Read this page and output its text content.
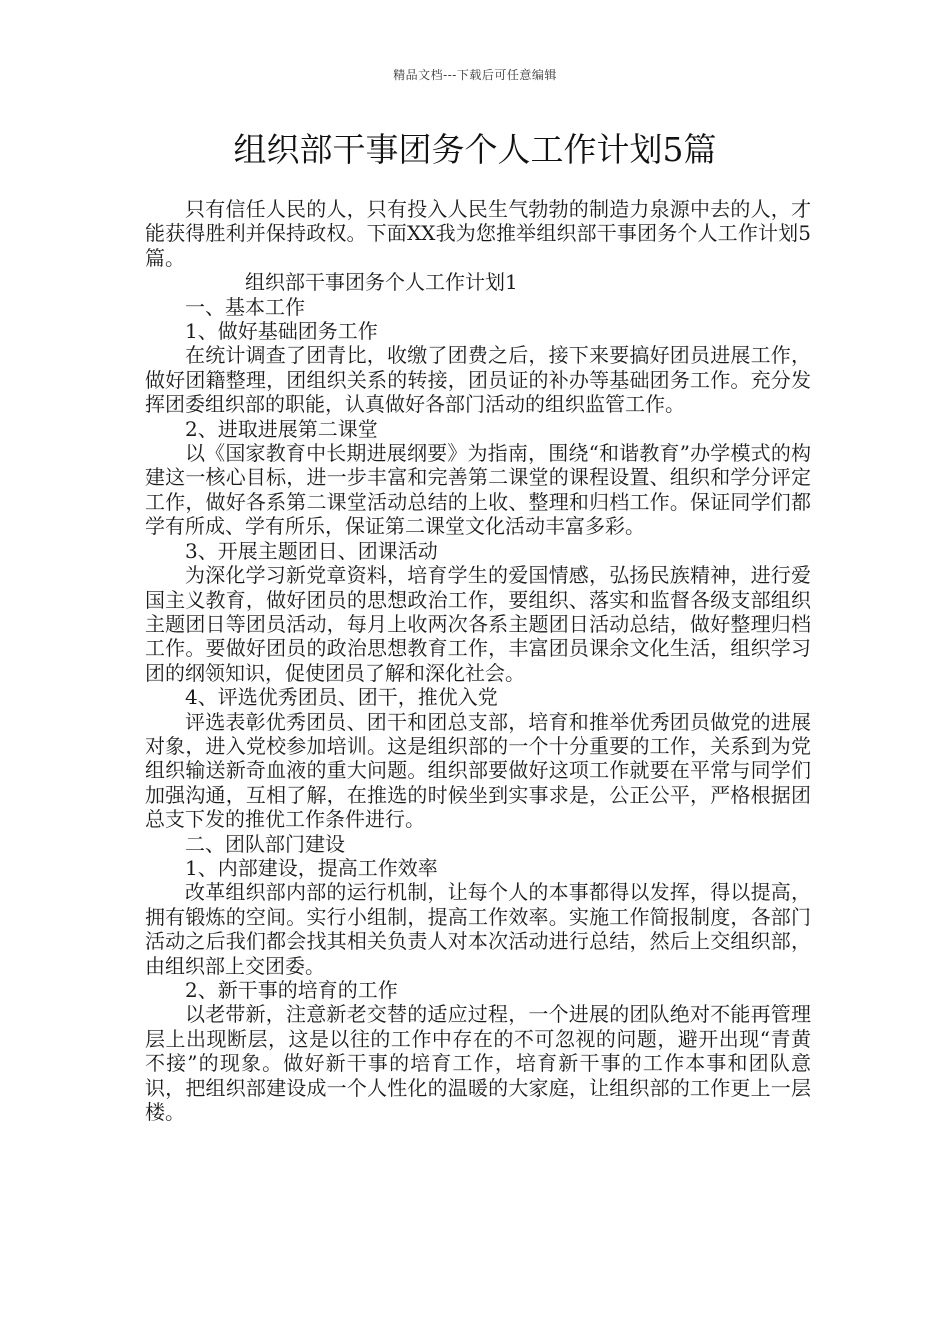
精品文档---下载后可任意编辑
组织部干事团务个人工作计划5篇

只有信任人民的人，只有投入人民生气勃勃的制造力泉源中去的人，才能获得胜利并保持政权。下面XX我为您推举组织部干事团务个人工作计划5篇。

组织部干事团务个人工作计划1

一、基本工作

1、做好基础团务工作

在统计调查了团青比，收缴了团费之后，接下来要搞好团员进展工作，做好团籍整理，团组织关系的转接，团员证的补办等基础团务工作。充分发挥团委组织部的职能，认真做好各部门活动的组织监管工作。

2、进取进展第二课堂

以《国家教育中长期进展纲要》为指南，围绕“和谐教育”办学模式的构建这一核心目标，进一步丰富和完善第二课堂的课程设置、组织和学分评定工作，做好各系第二课堂活动总结的上收、整理和归档工作。保证同学们都学有所成、学有所乐，保证第二课堂文化活动丰富多彩。

3、开展主题团日、团课活动

为深化学习新党章资料，培育学生的爱国情感，弘扬民族精神，进行爱国主义教育，做好团员的思想政治工作，要组织、落实和监督各级支部组织主题团日等团员活动，每月上收两次各系主题团日活动总结，做好整理归档工作。要做好团员的政治思想教育工作，丰富团员课余文化生活，组织学习团的纲领知识，促使团员了解和深化社会。

4、评选优秀团员、团干，推优入党

评选表彰优秀团员、团干和团总支部，培育和推举优秀团员做党的进展对象，进入党校参加培训。这是组织部的一个十分重要的工作，关系到为党组织输送新奇血液的重大问题。组织部要做好这项工作就要在平常与同学们加强沟通，互相了解，在推选的时候坐到实事求是，公正公平，严格根据团总支下发的推优工作条件进行。

二、团队部门建设

1、内部建设，提高工作效率

改革组织部内部的运行机制，让每个人的本事都得以发挥，得以提高，拥有锻炼的空间。实行小组制，提高工作效率。实施工作简报制度，各部门活动之后我们都会找其相关负责人对本次活动进行总结，然后上交组织部，由组织部上交团委。

2、新干事的培育的工作

以老带新，注意新老交替的适应过程，一个进展的团队绝对不能再管理层上出现断层，这是以往的工作中存在的不可忽视的问题，避开出现“青黄不接”的现象。做好新干事的培育工作，培育新干事的工作本事和团队意识，把组织部建设成一个人性化的温暖的大家庭，让组织部的工作更上一层楼。
